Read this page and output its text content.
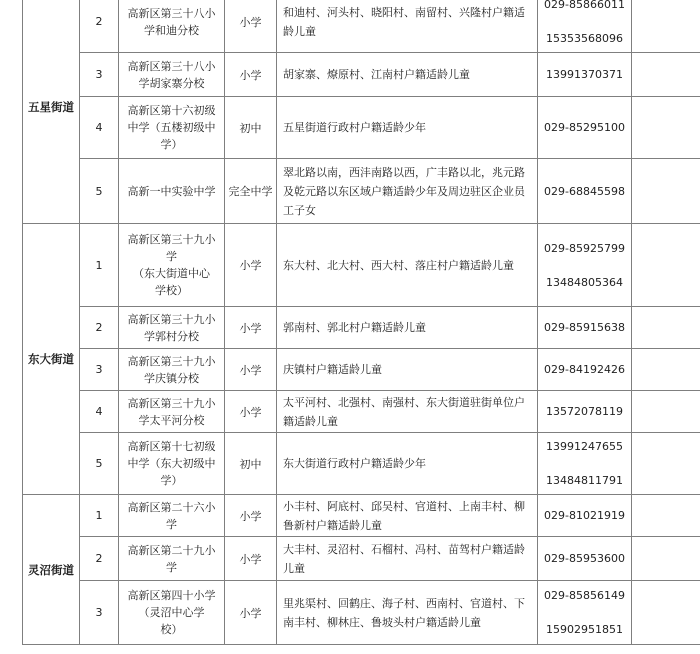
五星街道	2	高新区第三十八小
学和迪分校	小学	和迪村、河头村、晓阳村、南留村、兴隆村户籍适
龄儿童	029-85866011
15353568096	

	3	高新区第三十八小
学胡家寨分校	小学	胡家寨、燎原村、江南村户籍适龄儿童	13991370371	

	4	高新区第十六初级
中学（五楼初级中
学）	初中	五星街道行政村户籍适龄少年	029-85295100	

	5	高新一中实验中学	完全中学	翠北路以南，西沣南路以西，广丰路以北，兆元路
及乾元路以东区域户籍适龄少年及周边驻区企业员
工子女	029-68845598	

东大街道	1	高新区第三十九小
学
（东大街道中心
学校）	小学	东大村、北大村、西大村、落庄村户籍适龄儿童	029-85925799
13484805364	

	2	高新区第三十九小
学郭村分校	小学	郭南村、郭北村户籍适龄儿童	029-85915638	

	3	高新区第三十九小
学庆镇分校	小学	庆镇村户籍适龄儿童	029-84192426	

	4	高新区第三十九小
学太平河分校	小学	太平河村、北强村、南强村、东大街道驻街单位户
籍适龄儿童	13572078119	

	5	高新区第十七初级
中学（东大初级中
学）	初中	东大街道行政村户籍适龄少年	13991247655
13484811791	

灵沼街道	1	高新区第二十六小
学	小学	小丰村、阿底村、邱吴村、官道村、上南丰村、柳
鲁新村户籍适龄儿童	029-81021919	

	2	高新区第二十九小
学	小学	大丰村、灵沼村、石榴村、冯村、苗驾村户籍适龄
儿童	029-85953600	

	3	高新区第四十小学
（灵沼中心学
校）	小学	里兆渠村、回鹤庄、海子村、西南村、官道村、下
南丰村、柳林庄、鲁坡头村户籍适龄儿童	029-85856149
15902951851	
